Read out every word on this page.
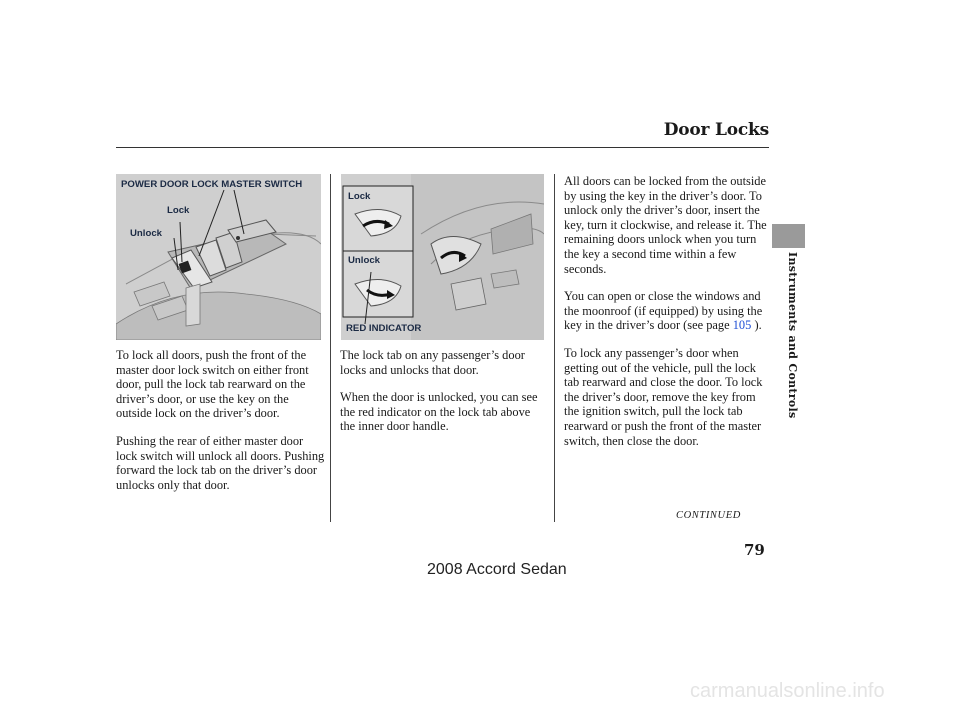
Door Locks
Instruments and Controls
POWER DOOR LOCK MASTER SWITCH
Lock
Unlock
Lock
Unlock
RED INDICATOR

To lock all doors, push the front of the master door lock switch on either front door, pull the lock tab rearward on the driver’s door, or use the key on the outside lock on the driver’s door.

Pushing the rear of either master door lock switch will unlock all doors. Pushing forward the lock tab on the driver’s door unlocks only that door.

The lock tab on any passenger’s door locks and unlocks that door.

When the door is unlocked, you can see the red indicator on the lock tab above the inner door handle.

All doors can be locked from the outside by using the key in the driver’s door. To unlock only the driver’s door, insert the key, turn it clockwise, and release it. The remaining doors unlock when you turn the key a second time within a few seconds.

You can open or close the windows and the moonroof (if equipped) by using the key in the driver’s door (see page 105 ).

To lock any passenger’s door when getting out of the vehicle, pull the lock tab rearward and close the door. To lock the driver’s door, remove the key from the ignition switch, pull the lock tab rearward or push the front of the master switch, then close the door.

CONTINUED
79
2008 Accord Sedan
carmanualsonline.info
